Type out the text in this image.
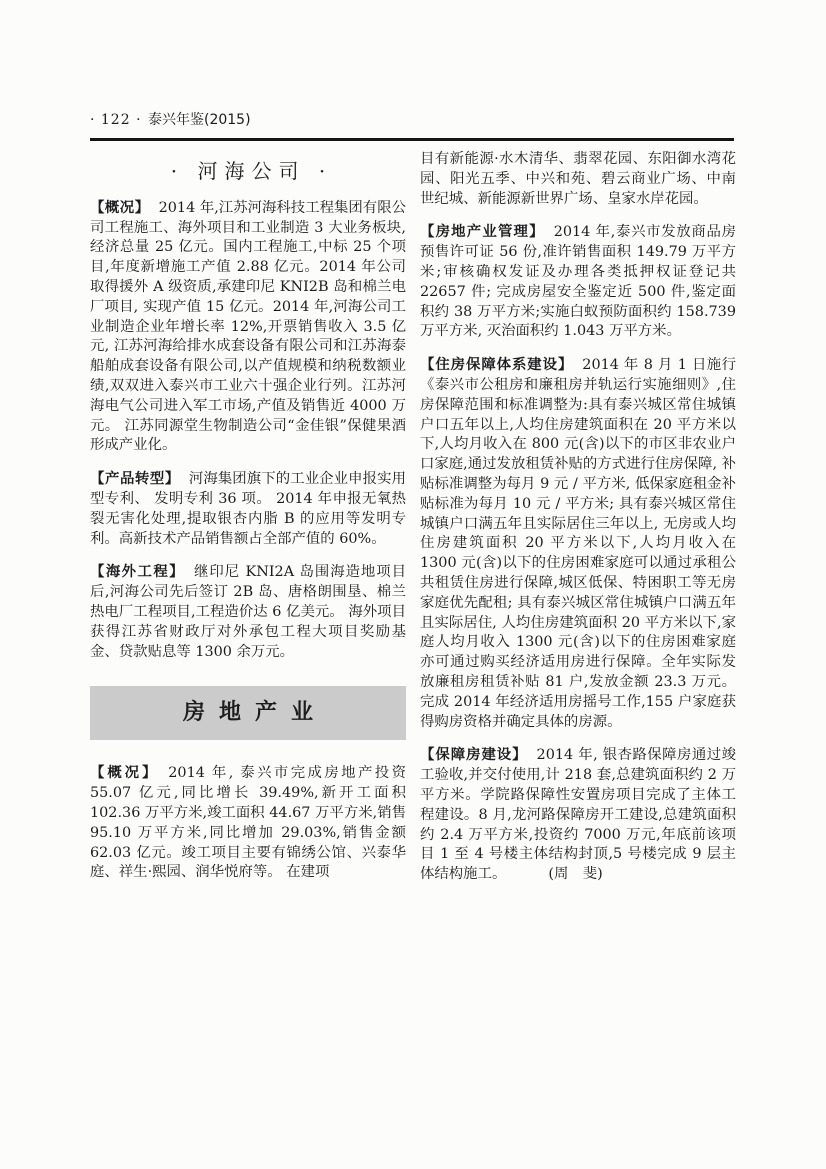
· 122 · 泰兴年鉴(2015)
· 河海公司 ·

【概况】 2014 年,江苏河海科技工程集团有限公司工程施工、海外项目和工业制造 3 大业务板块,经济总量 25 亿元。国内工程施工,中标 25 个项目,年度新增施工产值 2.88 亿元。2014 年公司取得援外 A 级资质,承建印尼 KNI2B 岛和棉兰电厂项目, 实现产值 15 亿元。2014 年,河海公司工业制造企业年增长率 12%,开票销售收入 3.5 亿元, 江苏河海给排水成套设备有限公司和江苏海泰船舶成套设备有限公司,以产值规模和纳税数额业绩,双双进入泰兴市工业六十强企业行列。江苏河海电气公司进入军工市场,产值及销售近 4000 万元。 江苏同源堂生物制造公司“金佳银”保健果酒形成产业化。

【产品转型】 河海集团旗下的工业企业申报实用型专利、 发明专利 36 项。 2014 年申报无氧热裂无害化处理,提取银杏内脂 B 的应用等发明专利。高新技术产品销售额占全部产值的 60%。

【海外工程】 继印尼 KNI2A 岛围海造地项目后,河海公司先后签订 2B 岛、唐格朗围垦、棉兰热电厂工程项目,工程造价达 6 亿美元。 海外项目获得江苏省财政厅对外承包工程大项目奖励基金、贷款贴息等 1300 余万元。

房地产业

【概况】 2014 年, 泰兴市完成房地产投资 55.07 亿元,同比增长 39.49%,新开工面积 102.36 万平方米,竣工面积 44.67 万平方米,销售 95.10 万平方米,同比增加 29.03%,销售金额 62.03 亿元。竣工项目主要有锦绣公馆、兴泰华庭、祥生·熙园、润华悦府等。 在建项

目有新能源·水木清华、翡翠花园、东阳御水湾花园、阳光五季、中兴和苑、碧云商业广场、中南世纪城、新能源新世界广场、皇家水岸花园。

【房地产业管理】 2014 年,泰兴市发放商品房预售许可证 56 份,准许销售面积 149.79 万平方米;审核确权发证及办理各类抵押权证登记共 22657 件; 完成房屋安全鉴定近 500 件,鉴定面积约 38 万平方米;实施白蚁预防面积约 158.739 万平方米, 灭治面积约 1.043 万平方米。

【住房保障体系建设】 2014 年 8 月 1 日施行《泰兴市公租房和廉租房并轨运行实施细则》,住房保障范围和标准调整为:具有泰兴城区常住城镇户口五年以上,人均住房建筑面积在 20 平方米以下,人均月收入在 800 元(含)以下的市区非农业户口家庭,通过发放租赁补贴的方式进行住房保障, 补贴标准调整为每月 9 元 / 平方米, 低保家庭租金补贴标准为每月 10 元 / 平方米; 具有泰兴城区常住城镇户口满五年且实际居住三年以上, 无房或人均住房建筑面积 20 平方米以下,人均月收入在 1300 元(含)以下的住房困难家庭可以通过承租公共租赁住房进行保障,城区低保、特困职工等无房家庭优先配租; 具有泰兴城区常住城镇户口满五年且实际居住, 人均住房建筑面积 20 平方米以下,家庭人均月收入 1300 元(含)以下的住房困难家庭亦可通过购买经济适用房进行保障。全年实际发放廉租房租赁补贴 81 户,发放金额 23.3 万元。完成 2014 年经济适用房摇号工作,155 户家庭获得购房资格并确定具体的房源。

【保障房建设】 2014 年, 银杏路保障房通过竣工验收,并交付使用,计 218 套,总建筑面积约 2 万平方米。学院路保障性安置房项目完成了主体工程建设。8 月,龙河路保障房开工建设,总建筑面积约 2.4 万平方米,投资约 7000 万元,年底前该项目 1 至 4 号楼主体结构封顶,5 号楼完成 9 层主体结构施工。	(周　斐)
